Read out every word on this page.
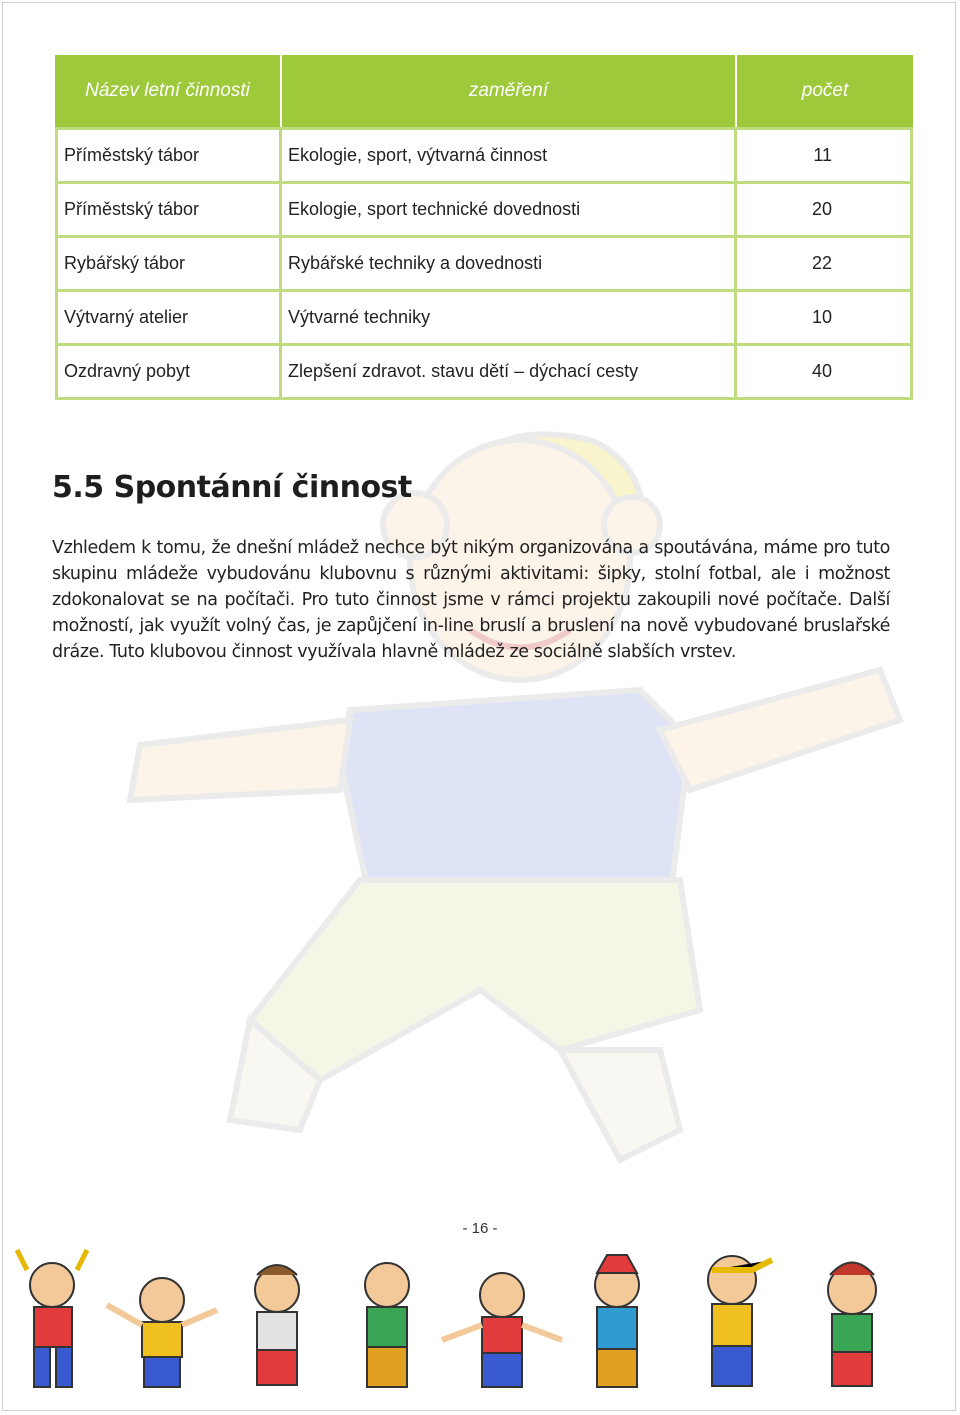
Název letní činnosti	zaměření	počet
Příměstský tábor	Ekologie, sport, výtvarná činnost	11
Příměstský tábor	Ekologie, sport technické dovednosti	20
Rybářský tábor	Rybářské techniky a dovednosti	22
Výtvarný atelier	Výtvarné techniky	10
Ozdravný pobyt	Zlepšení zdravot. stavu dětí – dýchací cesty	40
5.5 Spontánní činnost

Vzhledem k tomu, že dnešní mládež nechce být nikým organizována a spoutávána, máme pro tuto skupinu mládeže vybudovánu klubovnu s různými aktivitami: šipky, stolní fotbal, ale i možnost zdokonalovat se na počítači. Pro tuto činnost jsme v rámci projektu zakoupili nové počítače. Další možností, jak využít volný čas, je zapůjčení in-line bruslí a bruslení na nově vybudované bruslařské dráze. Tuto klubovou činnost využívala hlavně mládež ze sociálně slabších vrstev.

- 16 -
